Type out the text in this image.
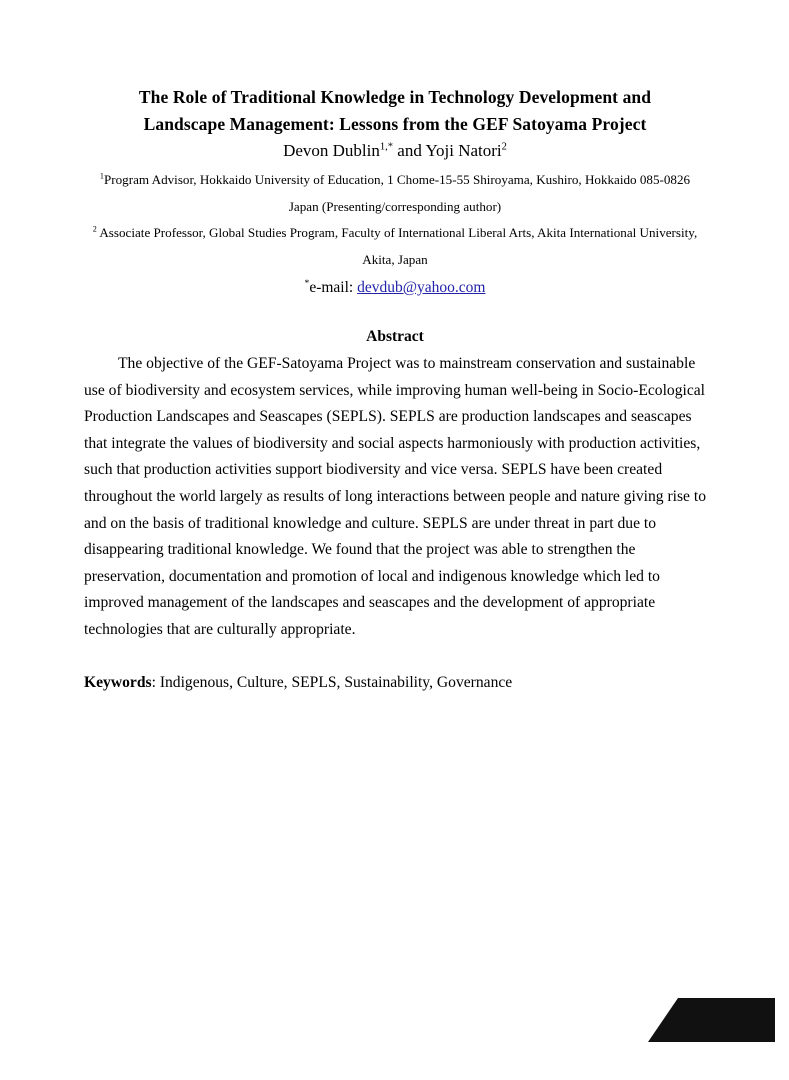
The Role of Traditional Knowledge in Technology Development and
Landscape Management: Lessons from the GEF Satoyama Project
Devon Dublin$^{1,*}$ and Yoji Natori$^2$

$^1$Program Advisor, Hokkaido University of Education, 1 Chome-15-55 Shiroyama, Kushiro, Hokkaido 085-0826 Japan (Presenting/corresponding author)

$^2$ Associate Professor, Global Studies Program, Faculty of International Liberal Arts, Akita International University, Akita, Japan

*e-mail: devdub@yahoo.com

Abstract

The objective of the GEF-Satoyama Project was to mainstream conservation and sustainable use of biodiversity and ecosystem services, while improving human well-being in Socio-Ecological Production Landscapes and Seascapes (SEPLS). SEPLS are production landscapes and seascapes that integrate the values of biodiversity and social aspects harmoniously with production activities, such that production activities support biodiversity and vice versa. SEPLS have been created throughout the world largely as results of long interactions between people and nature giving rise to and on the basis of traditional knowledge and culture. SEPLS are under threat in part due to disappearing traditional knowledge. We found that the project was able to strengthen the preservation, documentation and promotion of local and indigenous knowledge which led to improved management of the landscapes and seascapes and the development of appropriate technologies that are culturally appropriate.

Keywords: Indigenous, Culture, SEPLS, Sustainability, Governance

23
